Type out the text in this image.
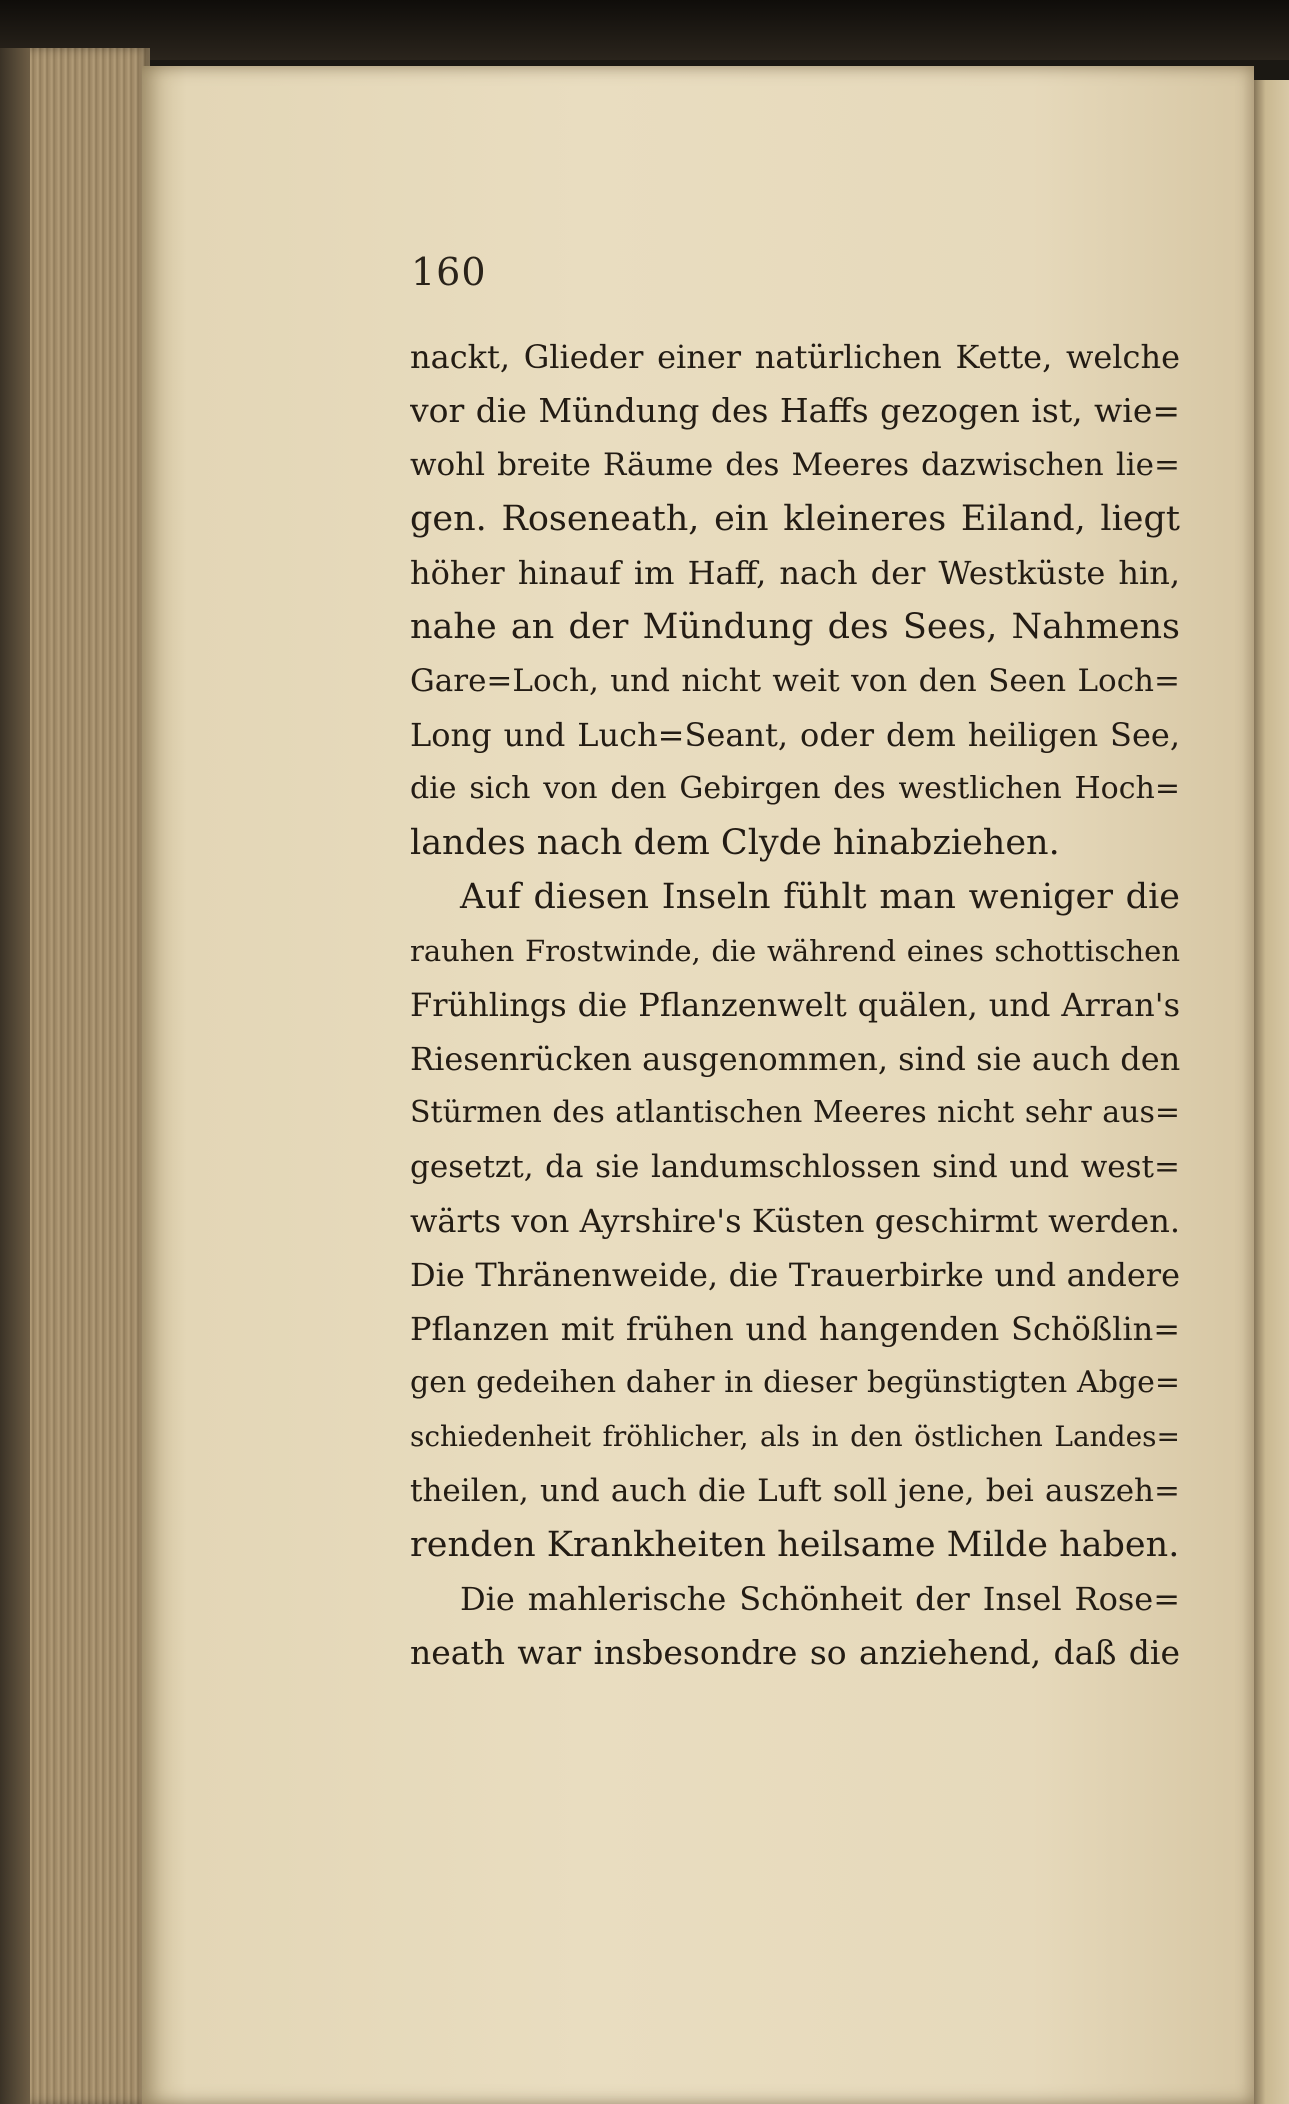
160

nackt, Glieder einer natürlichen Kette, welche
vor die Mündung des Haffs gezogen ist, wie=
wohl breite Räume des Meeres dazwischen lie=
gen. Roseneath, ein kleineres Eiland, liegt
höher hinauf im Haff, nach der Westküste hin,
nahe an der Mündung des Sees, Nahmens
Gare=Loch, und nicht weit von den Seen Loch=
Long und Luch=Seant, oder dem heiligen See,
die sich von den Gebirgen des westlichen Hoch=
landes nach dem Clyde hinabziehen.
Auf diesen Inseln fühlt man weniger die
rauhen Frostwinde, die während eines schottischen
Frühlings die Pflanzenwelt quälen, und Arran's
Riesenrücken ausgenommen, sind sie auch den
Stürmen des atlantischen Meeres nicht sehr aus=
gesetzt, da sie landumschlossen sind und west=
wärts von Ayrshire's Küsten geschirmt werden.
Die Thränenweide, die Trauerbirke und andere
Pflanzen mit frühen und hangenden Schößlin=
gen gedeihen daher in dieser begünstigten Abge=
schiedenheit fröhlicher, als in den östlichen Landes=
theilen, und auch die Luft soll jene, bei auszeh=
renden Krankheiten heilsame Milde haben.
Die mahlerische Schönheit der Insel Rose=
neath war insbesondre so anziehend, daß die
